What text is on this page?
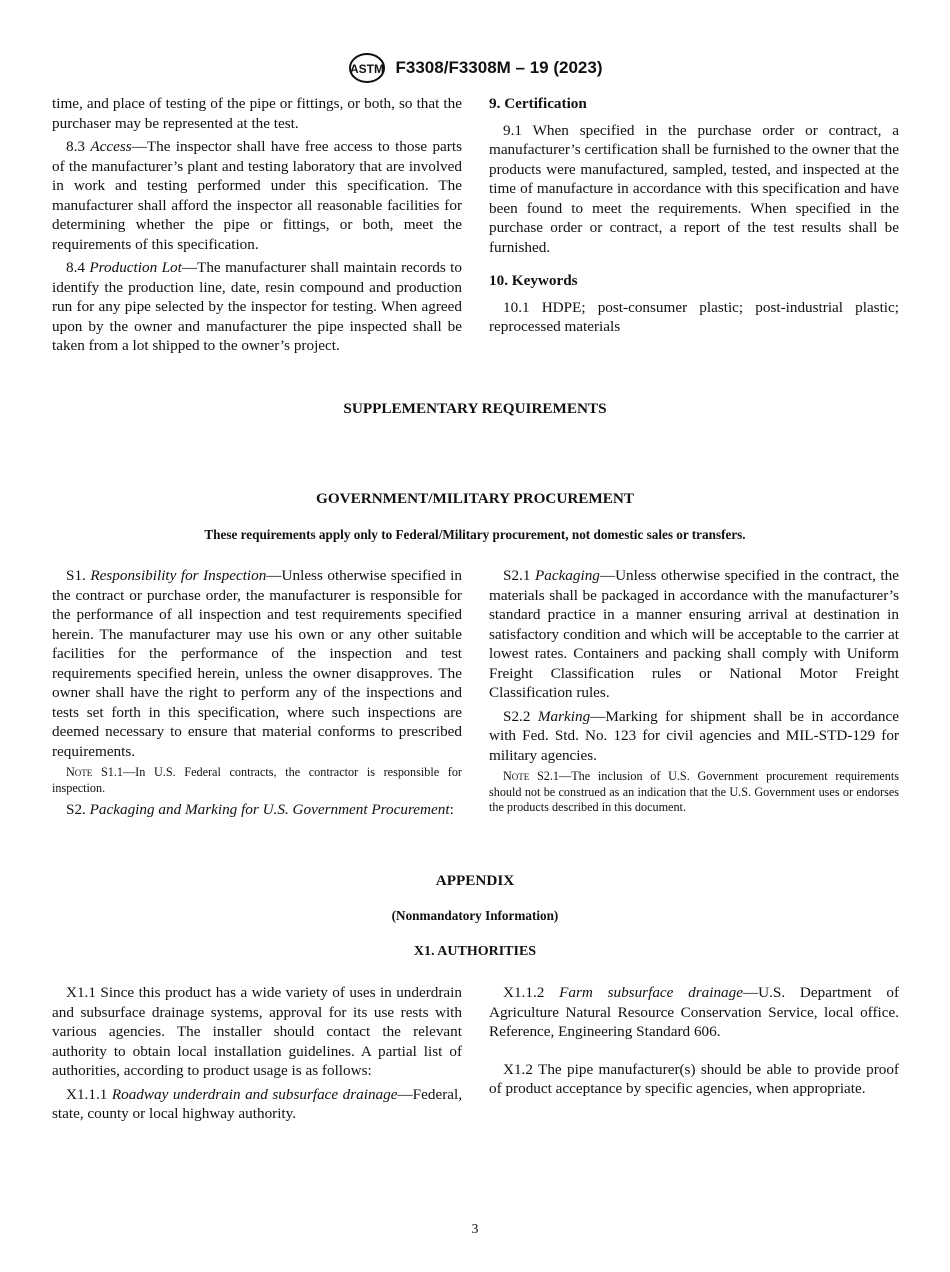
ASTM F3308/F3308M – 19 (2023)

time, and place of testing of the pipe or fittings, or both, so that the purchaser may be represented at the test.

8.3 Access—The inspector shall have free access to those parts of the manufacturer’s plant and testing laboratory that are involved in work and testing performed under this specification. The manufacturer shall afford the inspector all reasonable facilities for determining whether the pipe or fittings, or both, meet the requirements of this specification.

8.4 Production Lot—The manufacturer shall maintain records to identify the production line, date, resin compound and production run for any pipe selected by the inspector for testing. When agreed upon by the owner and manufacturer the pipe inspected shall be taken from a lot shipped to the owner’s project.

9. Certification

9.1 When specified in the purchase order or contract, a manufacturer’s certification shall be furnished to the owner that the products were manufactured, sampled, tested, and inspected at the time of manufacture in accordance with this specification and have been found to meet the requirements. When specified in the purchase order or contract, a report of the test results shall be furnished.

10. Keywords

10.1 HDPE; post-consumer plastic; post-industrial plastic; reprocessed materials

SUPPLEMENTARY REQUIREMENTS
GOVERNMENT/MILITARY PROCUREMENT
These requirements apply only to Federal/Military procurement, not domestic sales or transfers.

S1. Responsibility for Inspection—Unless otherwise specified in the contract or purchase order, the manufacturer is responsible for the performance of all inspection and test requirements specified herein. The manufacturer may use his own or any other suitable facilities for the performance of the inspection and test requirements specified herein, unless the owner disapproves. The owner shall have the right to perform any of the inspections and tests set forth in this specification, where such inspections are deemed necessary to ensure that material conforms to prescribed requirements.

Note S1.1—In U.S. Federal contracts, the contractor is responsible for inspection.

S2. Packaging and Marking for U.S. Government Procurement:

S2.1 Packaging—Unless otherwise specified in the contract, the materials shall be packaged in accordance with the manufacturer’s standard practice in a manner ensuring arrival at destination in satisfactory condition and which will be acceptable to the carrier at lowest rates. Containers and packing shall comply with Uniform Freight Classification rules or National Motor Freight Classification rules.

S2.2 Marking—Marking for shipment shall be in accordance with Fed. Std. No. 123 for civil agencies and MIL-STD-129 for military agencies.

Note S2.1—The inclusion of U.S. Government procurement requirements should not be construed as an indication that the U.S. Government uses or endorses the products described in this document.

APPENDIX
(Nonmandatory Information)
X1. AUTHORITIES

X1.1 Since this product has a wide variety of uses in underdrain and subsurface drainage systems, approval for its use rests with various agencies. The installer should contact the relevant authority to obtain local installation guidelines. A partial list of authorities, according to product usage is as follows:

X1.1.1 Roadway underdrain and subsurface drainage—Federal, state, county or local highway authority.

X1.1.2 Farm subsurface drainage—U.S. Department of Agriculture Natural Resource Conservation Service, local office. Reference, Engineering Standard 606.

X1.2 The pipe manufacturer(s) should be able to provide proof of product acceptance by specific agencies, when appropriate.

3
